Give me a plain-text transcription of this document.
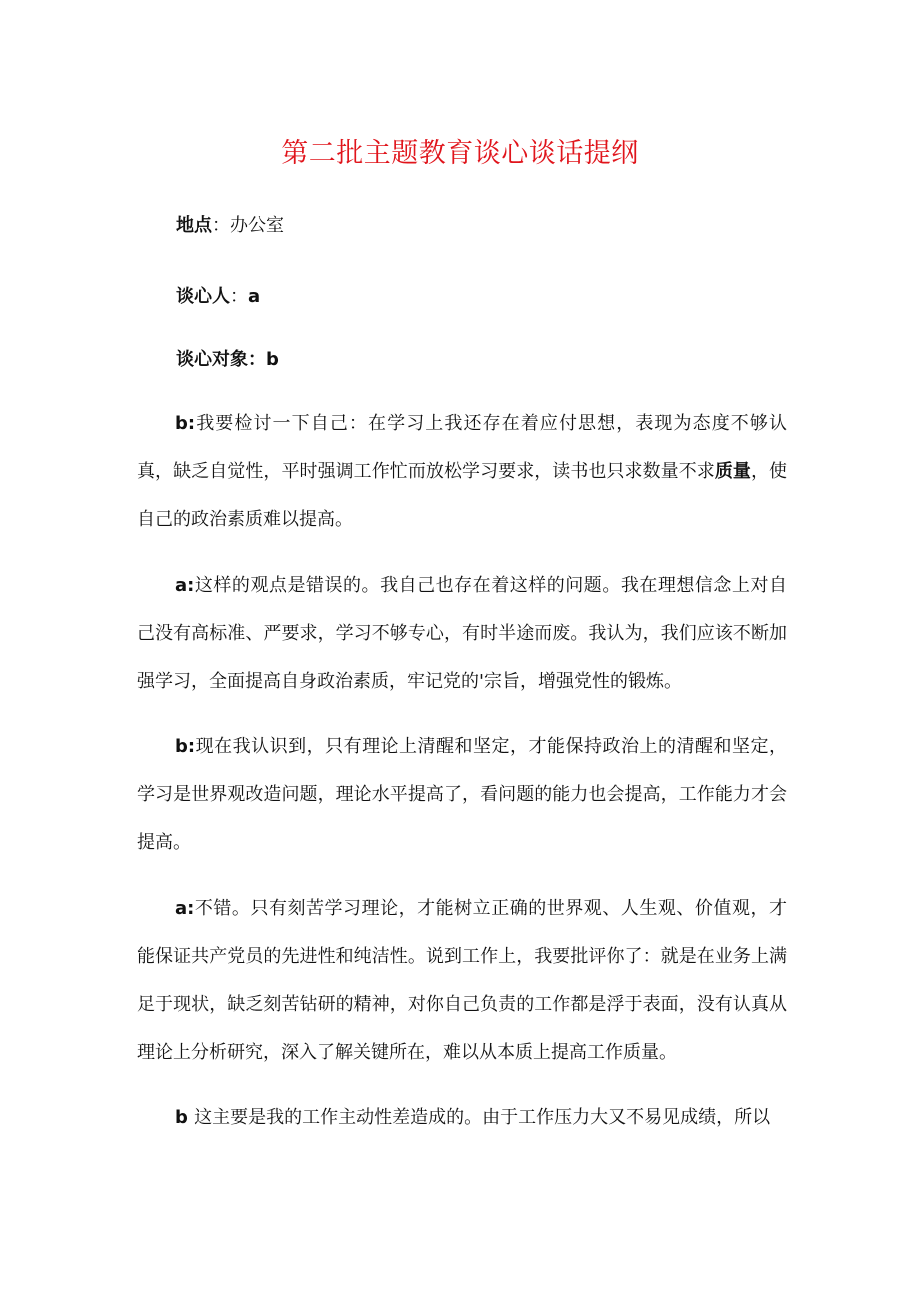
第二批主题教育谈心谈话提纲

地点：办公室

谈心人：a

谈心对象：b

b:我要检讨一下自己：在学习上我还存在着应付思想，表现为态度不够认真，缺乏自觉性，平时强调工作忙而放松学习要求，读书也只求数量不求质量，使自己的政治素质难以提高。

a:这样的观点是错误的。我自己也存在着这样的问题。我在理想信念上对自己没有高标准、严要求，学习不够专心，有时半途而废。我认为，我们应该不断加强学习，全面提高自身政治素质，牢记党的'宗旨，增强党性的锻炼。

b:现在我认识到，只有理论上清醒和坚定，才能保持政治上的清醒和坚定，学习是世界观改造问题，理论水平提高了，看问题的能力也会提高，工作能力才会提高。

a:不错。只有刻苦学习理论，才能树立正确的世界观、人生观、价值观，才能保证共产党员的先进性和纯洁性。说到工作上，我要批评你了：就是在业务上满足于现状，缺乏刻苦钻研的精神，对你自己负责的工作都是浮于表面，没有认真从理论上分析研究，深入了解关键所在，难以从本质上提高工作质量。

b 这主要是我的工作主动性差造成的。由于工作压力大又不易见成绩，所以
